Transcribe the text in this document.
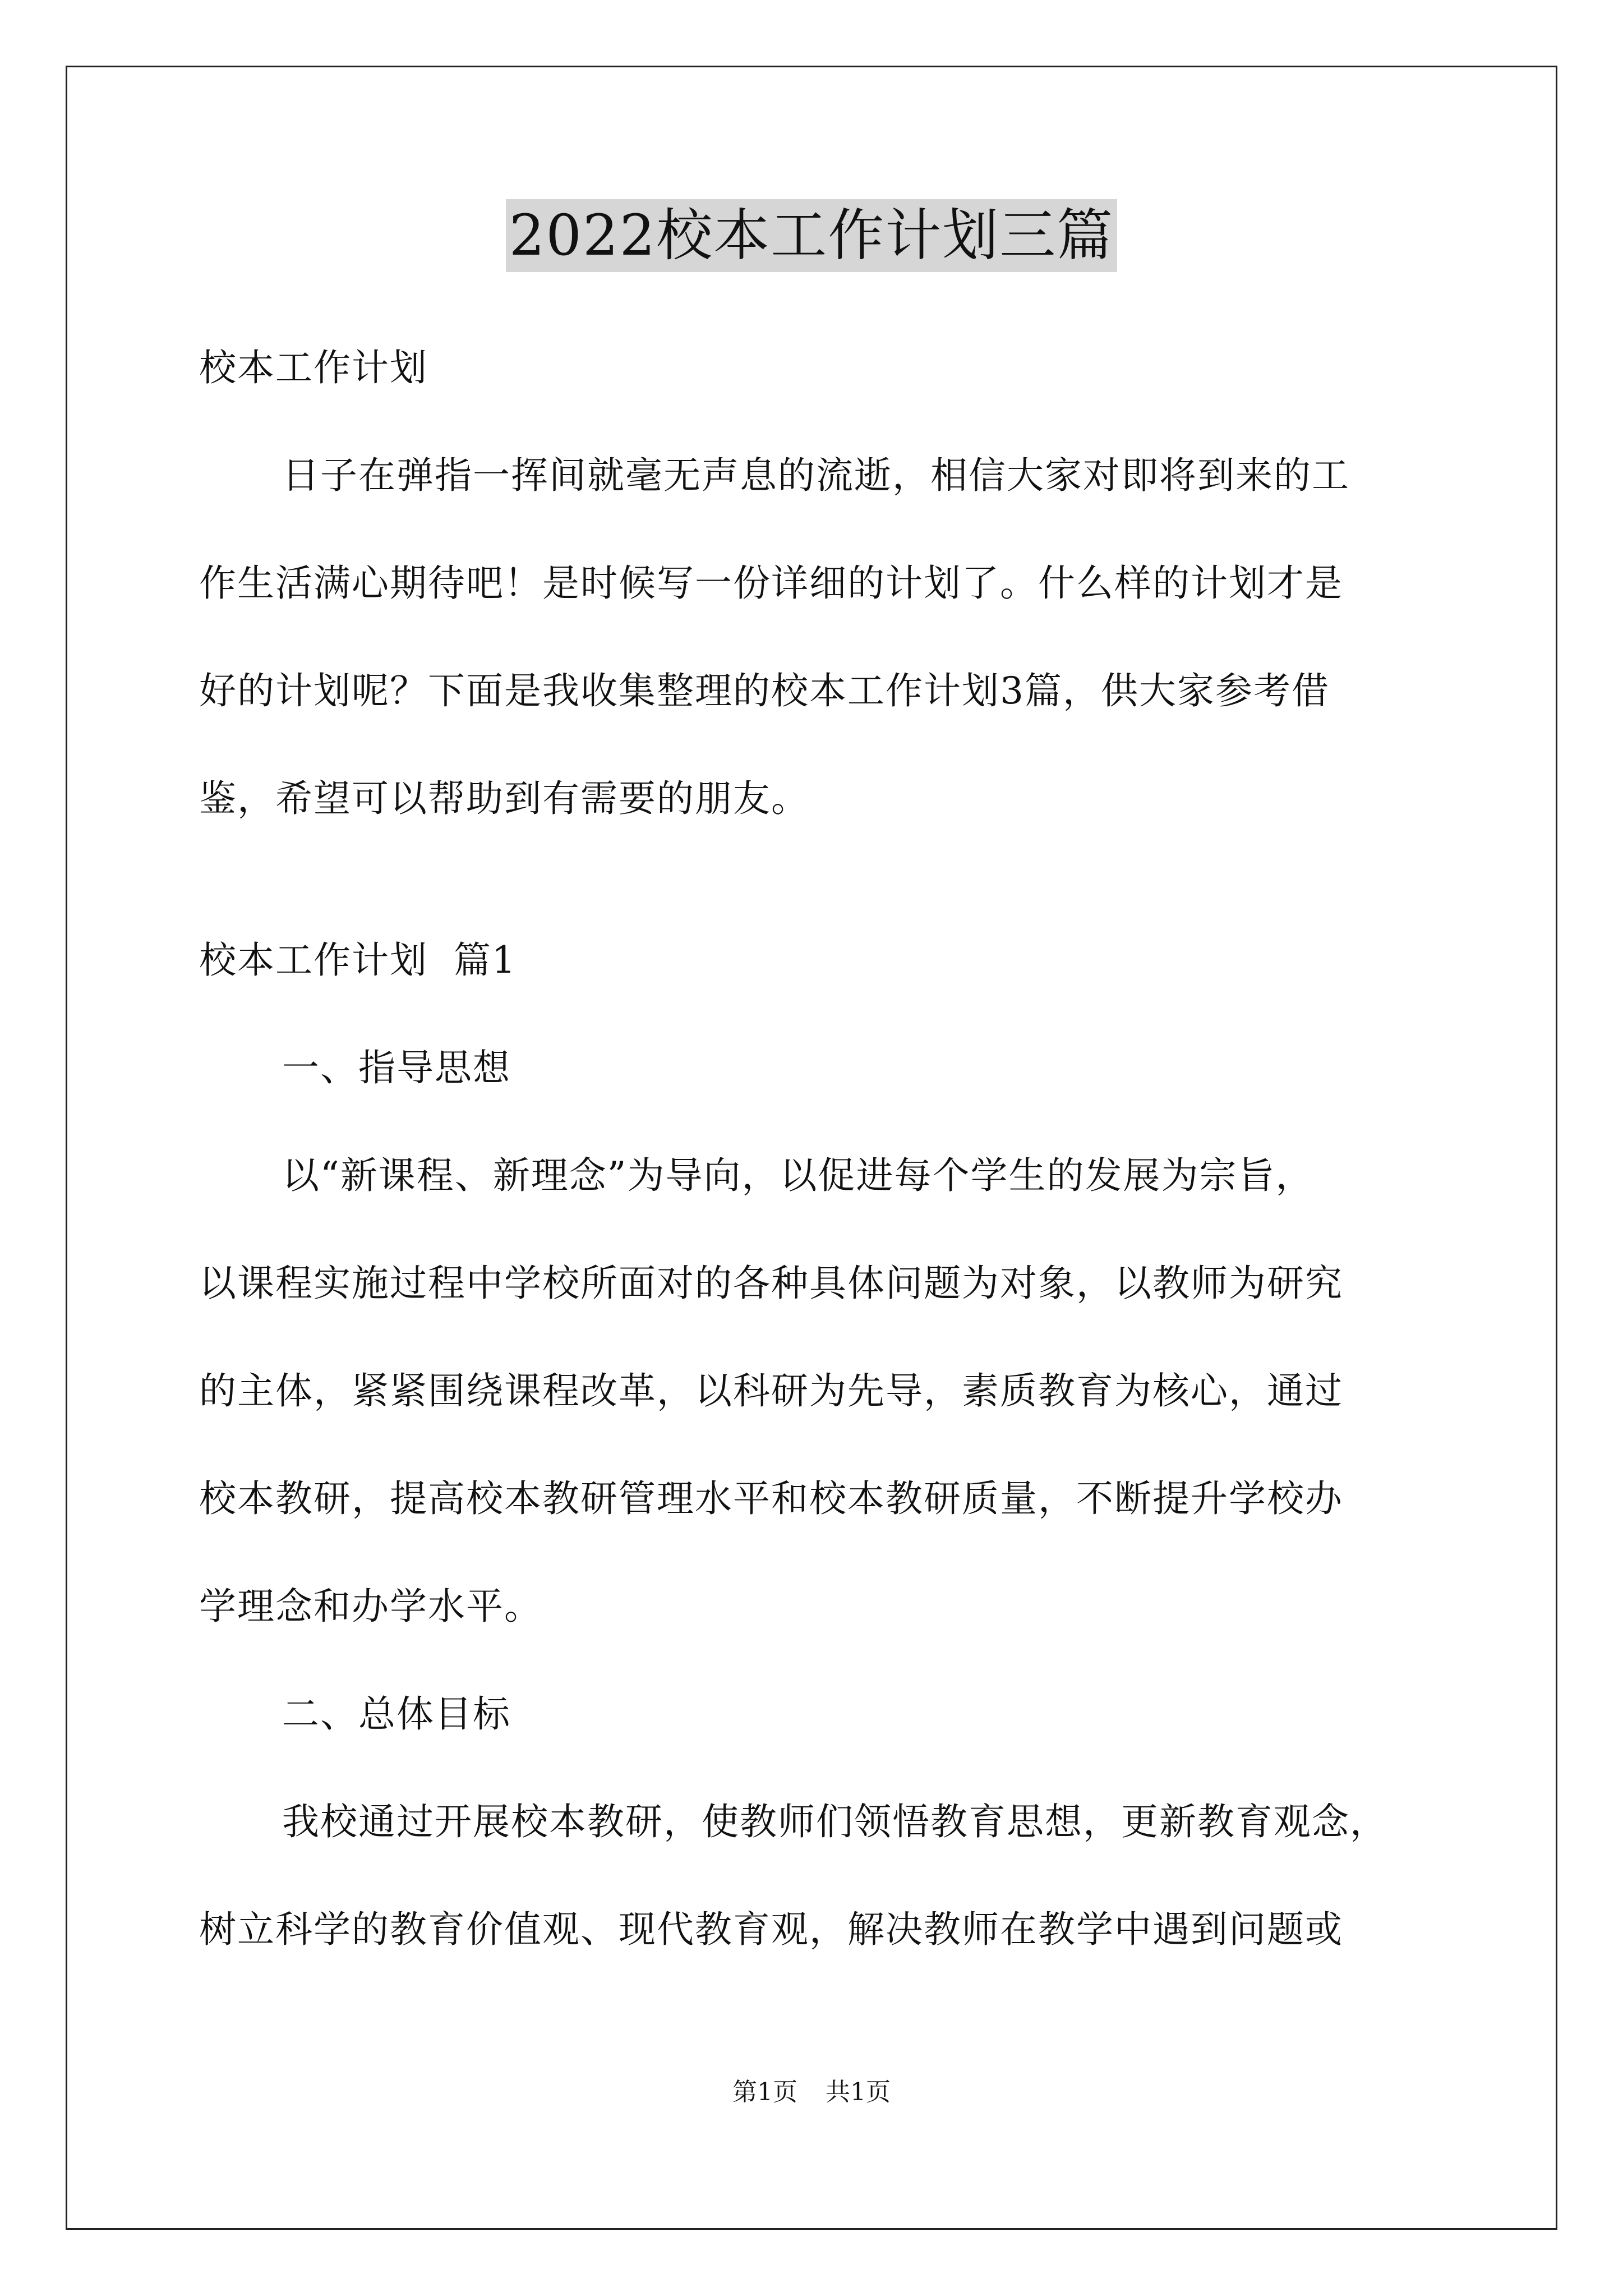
2022校本工作计划三篇
校本工作计划
日子在弹指一挥间就毫无声息的流逝，相信大家对即将到来的工
作生活满心期待吧！是时候写一份详细的计划了。什么样的计划才是
好的计划呢？下面是我收集整理的校本工作计划3篇，供大家参考借
鉴，希望可以帮助到有需要的朋友。
校本工作计划  篇1
一、指导思想
以“新课程、新理念”为导向，以促进每个学生的发展为宗旨，
以课程实施过程中学校所面对的各种具体问题为对象，以教师为研究
的主体，紧紧围绕课程改革，以科研为先导，素质教育为核心，通过
校本教研，提高校本教研管理水平和校本教研质量，不断提升学校办
学理念和办学水平。
二、总体目标
我校通过开展校本教研，使教师们领悟教育思想，更新教育观念，
树立科学的教育价值观、现代教育观，解决教师在教学中遇到问题或
第1页 共1页
